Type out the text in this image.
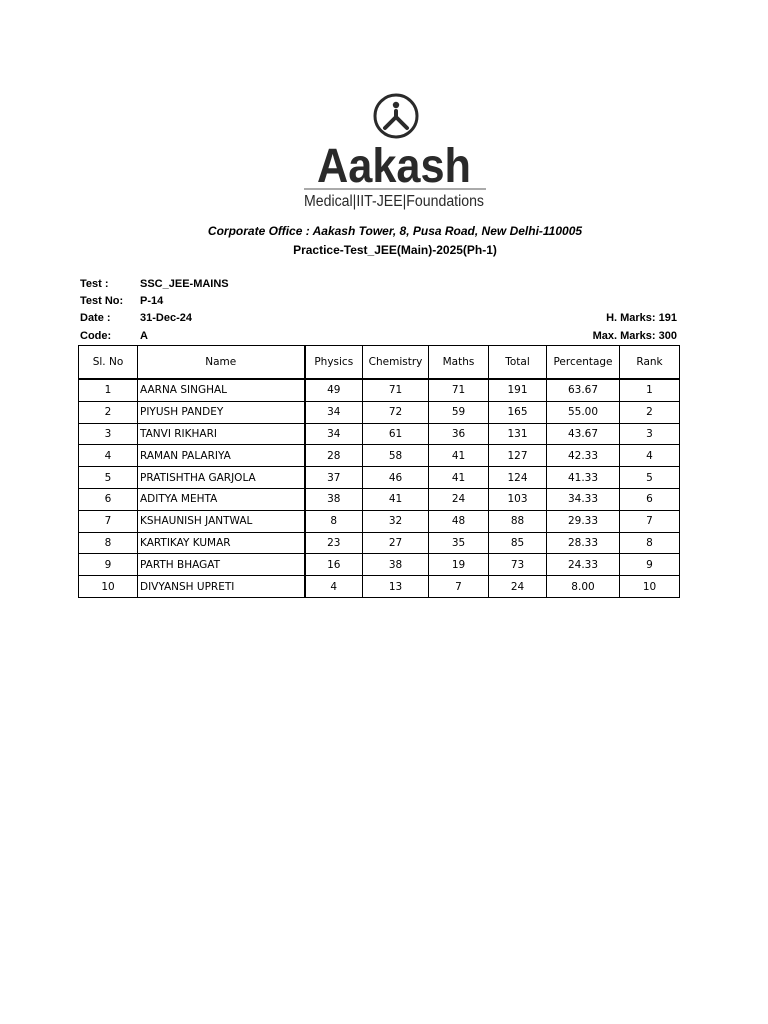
Aakash
Medical|IIT-JEE|Foundations
Corporate Office : Aakash Tower, 8, Pusa Road, New Delhi-110005
Practice-Test_JEE(Main)-2025(Ph-1)
Test :	SSC_JEE-MAINS
Test No: P-14
Date :	31-Dec-24	H. Marks: 191
Code:	A	Max. Marks: 300
Sl. No	Name	Physics	Chemistry	Maths	Total	Percentage	Rank
1	AARNA SINGHAL	49	71	71	191	63.67	1
2	PIYUSH PANDEY	34	72	59	165	55.00	2
3	TANVI RIKHARI	34	61	36	131	43.67	3
4	RAMAN PALARIYA	28	58	41	127	42.33	4
5	PRATISHTHA GARJOLA	37	46	41	124	41.33	5
6	ADITYA MEHTA	38	41	24	103	34.33	6
7	KSHAUNISH JANTWAL	8	32	48	88	29.33	7
8	KARTIKAY KUMAR	23	27	35	85	28.33	8
9	PARTH BHAGAT	16	38	19	73	24.33	9
10	DIVYANSH UPRETI	4	13	7	24	8.00	10
